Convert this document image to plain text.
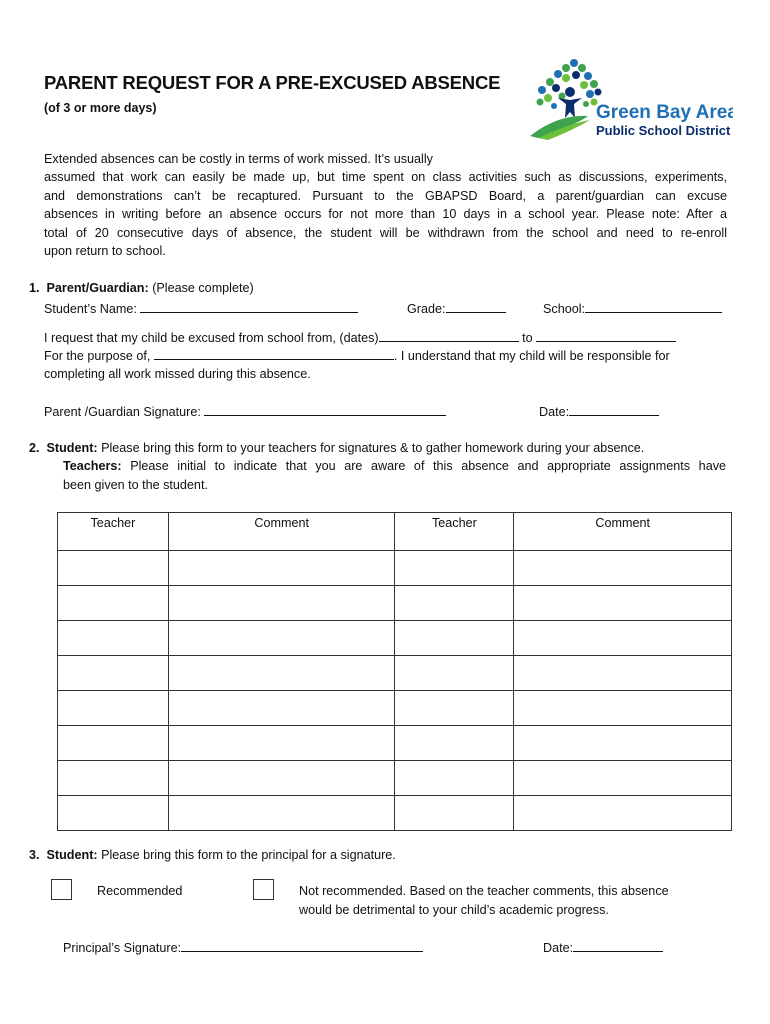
PARENT REQUEST FOR A PRE-EXCUSED ABSENCE
(of 3 or more days)	Green Bay Area
Public School District
Extended absences can be costly in terms of work missed. It’s usually
assumed that work can easily be made up, but time spent on class activities such as discussions, experiments,
and demonstrations can’t be recaptured. Pursuant to the GBAPSD Board, a parent/guardian can excuse
absences in writing before an absence occurs for not more than 10 days in a school year. Please note: After a
total of 20 consecutive days of absence, the student will be withdrawn from the school and need to re-enroll
upon return to school.
1. Parent/Guardian: (Please complete)
Student’s Name:	Grade:	School:
I request that my child be excused from school from, (dates)	to
For the purpose of,	. I understand that my child will be responsible for
completing all work missed during this absence.
Parent /Guardian Signature:	Date:
2. Student: Please bring this form to your teachers for signatures & to gather homework during your absence.
Teachers: Please initial to indicate that you are aware of this absence and appropriate assignments have
been given to the student.
Teacher	Comment	Teacher	Comment

3. Student: Please bring this form to the principal for a signature.
Recommended	Not recommended. Based on the teacher comments, this absence
would be detrimental to your child’s academic progress.
Principal’s Signature:	Date:
